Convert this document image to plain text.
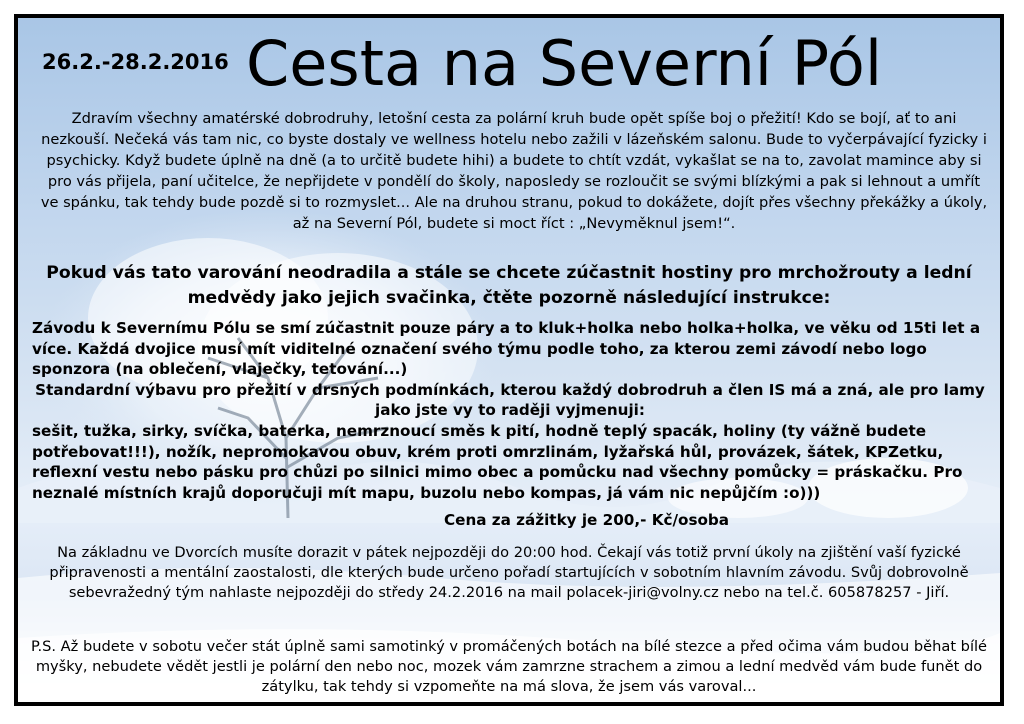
26.2.-28.2.2016 Cesta na Severní Pól

Zdravím všechny amatérské dobrodruhy, letošní cesta za polární kruh bude opět spíše boj o přežití! Kdo se bojí, ať to ani nezkouší. Nečeká vás tam nic, co byste dostaly ve wellness hotelu nebo zažili v lázeňském salonu. Bude to vyčerpávající fyzicky i psychicky. Když budete úplně na dně (a to určitě budete hihi) a budete to chtít vzdát, vykašlat se na to, zavolat mamince aby si pro vás přijela, paní učitelce, že nepřijdete v pondělí do školy, naposledy se rozloučit se svými blízkými a pak si lehnout a umřít ve spánku, tak tehdy bude pozdě si to rozmyslet... Ale na druhou stranu, pokud to dokážete, dojít přes všechny překážky a úkoly, až na Severní Pól, budete si moct říct : „Nevyměknul jsem!“.

Pokud vás tato varování neodradila a stále se chcete zúčastnit hostiny pro mrchožrouty a lední medvědy jako jejich svačinka, čtěte pozorně následující instrukce:

Závodu k Severnímu Pólu se smí zúčastnit pouze páry a to kluk+holka nebo holka+holka, ve věku od 15ti let a více. Každá dvojice musí mít viditelné označení svého týmu podle toho, za kterou zemi závodí nebo logo sponzora (na oblečení, vlaječky, tetování...)

Standardní výbavu pro přežití v drsných podmínkách, kterou každý dobrodruh a člen IS má a zná, ale pro lamy jako jste vy to raději vyjmenuji:
sešit, tužka, sirky, svíčka, baterka, nemrznoucí směs k pití, hodně teplý spacák, holiny (ty vážně budete potřebovat!!!), nožík, nepromokavou obuv, krém proti omrzlinám, lyžařská hůl, provázek, šátek, KPZetku, reflexní vestu nebo pásku pro chůzi po silnici mimo obec a pomůcku nad všechny pomůcky = práskačku. Pro neznalé místních krajů doporučuji mít mapu, buzolu nebo kompas, já vám nic nepůjčím :o)))
Cena za zážitky je 200,- Kč/osoba

Na základnu ve Dvorcích musíte dorazit v pátek nejpozději do 20:00 hod. Čekají vás totiž první úkoly na zjištění vaší fyzické připravenosti a mentální zaostalosti, dle kterých bude určeno pořadí startujících v sobotním hlavním závodu. Svůj dobrovolně sebevražedný tým nahlaste nejpozději do středy 24.2.2016 na mail polacek-jiri@volny.cz nebo na tel.č. 605878257 - Jiří.

P.S. Až budete v sobotu večer stát úplně sami samotinký v promáčených botách na bílé stezce a před očima vám budou běhat bílé myšky, nebudete vědět jestli je polární den nebo noc, mozek vám zamrzne strachem a zimou a lední medvěd vám bude funět do zátylku, tak tehdy si vzpomeňte na má slova, že jsem vás varoval...
